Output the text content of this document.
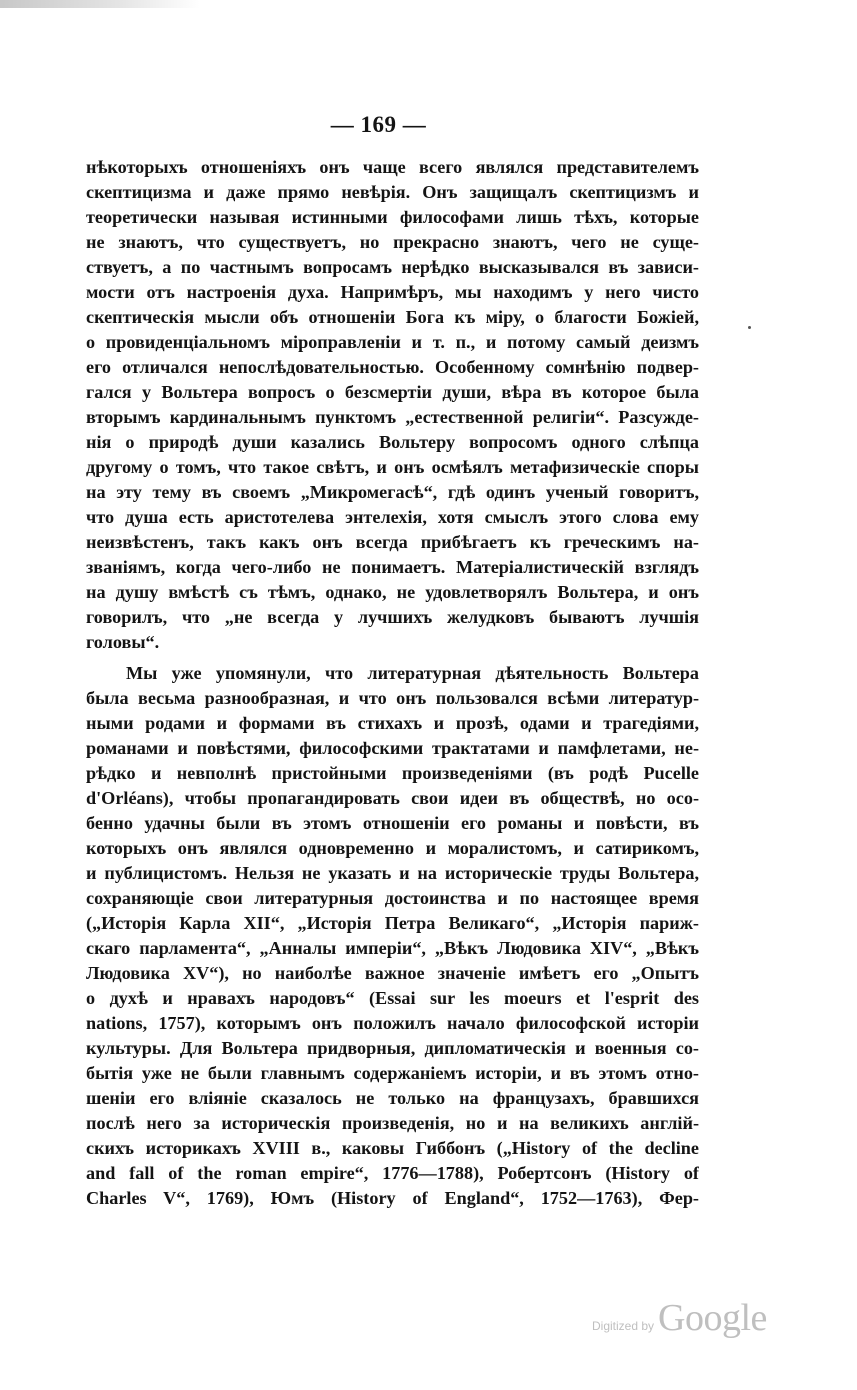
— 169 —
нѣкоторыхъ отношеніяхъ онъ чаще всего являлся представителемъ
скептицизма и даже прямо невѣрія. Онъ защищалъ скептицизмъ и
теоретически называя истинными философами лишь тѣхъ, которые
не знаютъ, что существуетъ, но прекрасно знаютъ, чего не суще-
ствуетъ, а по частнымъ вопросамъ нерѣдко высказывался въ зависи-
мости отъ настроенія духа. Напримѣръ, мы находимъ у него чисто
скептическія мысли объ отношеніи Бога къ міру, о благости Божіей,
о провиденціальномъ міроправленіи и т. п., и потому самый деизмъ
его отличался непослѣдовательностью. Особенному сомнѣнію подвер-
гался у Вольтера вопросъ о безсмертіи души, вѣра въ которое была
вторымъ кардинальнымъ пунктомъ „естественной религіи“. Разсужде-
нія о природѣ души казались Вольтеру вопросомъ одного слѣпца
другому о томъ, что такое свѣтъ, и онъ осмѣялъ метафизическіе споры
на эту тему въ своемъ „Микромегасѣ“, гдѣ одинъ ученый говоритъ,
что душа есть аристотелева энтелехія, хотя смыслъ этого слова ему
неизвѣстенъ, такъ какъ онъ всегда прибѣгаетъ къ греческимъ на-
званіямъ, когда чего-либо не понимаетъ. Матеріалистическій взглядъ
на душу вмѣстѣ съ тѣмъ, однако, не удовлетворялъ Вольтера, и онъ
говорилъ, что „не всегда у лучшихъ желудковъ бываютъ лучшія
головы“.
Мы уже упомянули, что литературная дѣятельность Вольтера
была весьма разнообразная, и что онъ пользовался всѣми литератур-
ными родами и формами въ стихахъ и прозѣ, одами и трагедіями,
романами и повѣстями, философскими трактатами и памфлетами, не-
рѣдко и невполнѣ пристойными произведеніями (въ родѣ Pucelle
d'Orléans), чтобы пропагандировать свои идеи въ обществѣ, но осо-
бенно удачны были въ этомъ отношеніи его романы и повѣсти, въ
которыхъ онъ являлся одновременно и моралистомъ, и сатирикомъ,
и публицистомъ. Нельзя не указать и на историческіе труды Вольтера,
сохраняющіе свои литературныя достоинства и по настоящее время
(„Исторія Карла XII“, „Исторія Петра Великаго“, „Исторія париж-
скаго парламента“, „Анналы имперіи“, „Вѣкъ Людовика XIV“, „Вѣкъ
Людовика XV“), но наиболѣе важное значеніе имѣетъ его „Опытъ
о духѣ и нравахъ народовъ“ (Essai sur les moeurs et l'esprit des
nations, 1757), которымъ онъ положилъ начало философской исторіи
культуры. Для Вольтера придворныя, дипломатическія и военныя со-
бытія уже не были главнымъ содержаніемъ исторіи, и въ этомъ отно-
шеніи его вліяніе сказалось не только на французахъ, бравшихся
послѣ него за историческія произведенія, но и на великихъ англій-
скихъ историкахъ XVIII в., каковы Гиббонъ („History of the decline
and fall of the roman empire“, 1776—1788), Робертсонъ (History of
Charles V“, 1769), Юмъ (History of England“, 1752—1763), Фер-
Digitized by Google
